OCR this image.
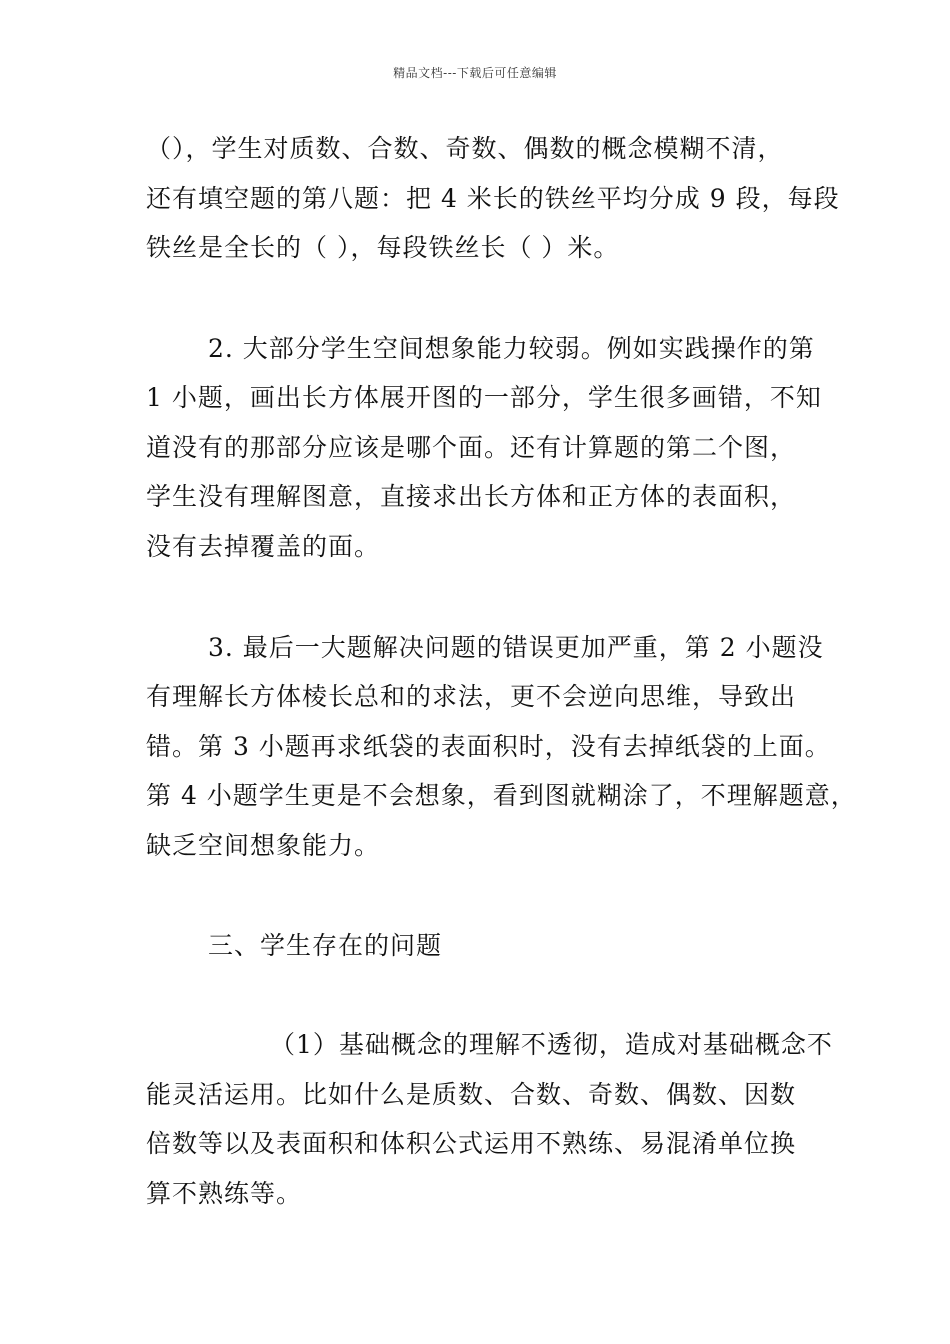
精品文档---下载后可任意编辑
（），学生对质数、合数、奇数、偶数的概念模糊不清，
还有填空题的第八题：把 4 米长的铁丝平均分成 9 段，每段
铁丝是全长的（ ），每段铁丝长（ ）米。
2. 大部分学生空间想象能力较弱。例如实践操作的第
1 小题，画出长方体展开图的一部分，学生很多画错，不知
道没有的那部分应该是哪个面。还有计算题的第二个图，
学生没有理解图意，直接求出长方体和正方体的表面积，
没有去掉覆盖的面。
3. 最后一大题解决问题的错误更加严重，第 2 小题没
有理解长方体棱长总和的求法，更不会逆向思维，导致出
错。第 3 小题再求纸袋的表面积时，没有去掉纸袋的上面。
第 4 小题学生更是不会想象，看到图就糊涂了，不理解题意，
缺乏空间想象能力。
三、学生存在的问题
（1）基础概念的理解不透彻，造成对基础概念不
能灵活运用。比如什么是质数、合数、奇数、偶数、因数
倍数等以及表面积和体积公式运用不熟练、易混淆单位换
算不熟练等。
